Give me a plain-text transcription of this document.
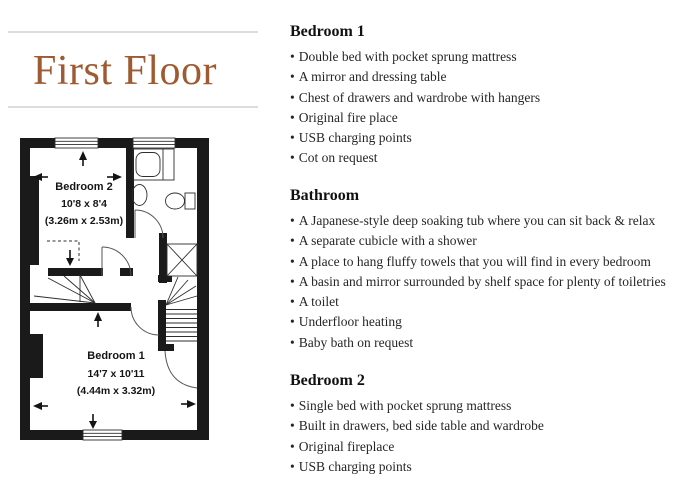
First Floor
Bedroom 2
10'8 x 8'4
(3.26m x 2.53m)
Bedroom 1
14'7 x 10'11
(4.44m x 3.32m)
Bedroom 1
• Double bed with pocket sprung mattress
• A mirror and dressing table
• Chest of drawers and wardrobe with hangers
• Original fire place
• USB charging points
• Cot on request
Bathroom
• A Japanese-style deep soaking tub where you can sit back & relax
• A separate cubicle with a shower
• A place to hang fluffy towels that you will find in every bedroom
• A basin and mirror surrounded by shelf space for plenty of toiletries
• A toilet
• Underfloor heating
• Baby bath on request
Bedroom 2
• Single bed with pocket sprung mattress
• Built in drawers, bed side table and wardrobe
• Original fireplace
• USB charging points
